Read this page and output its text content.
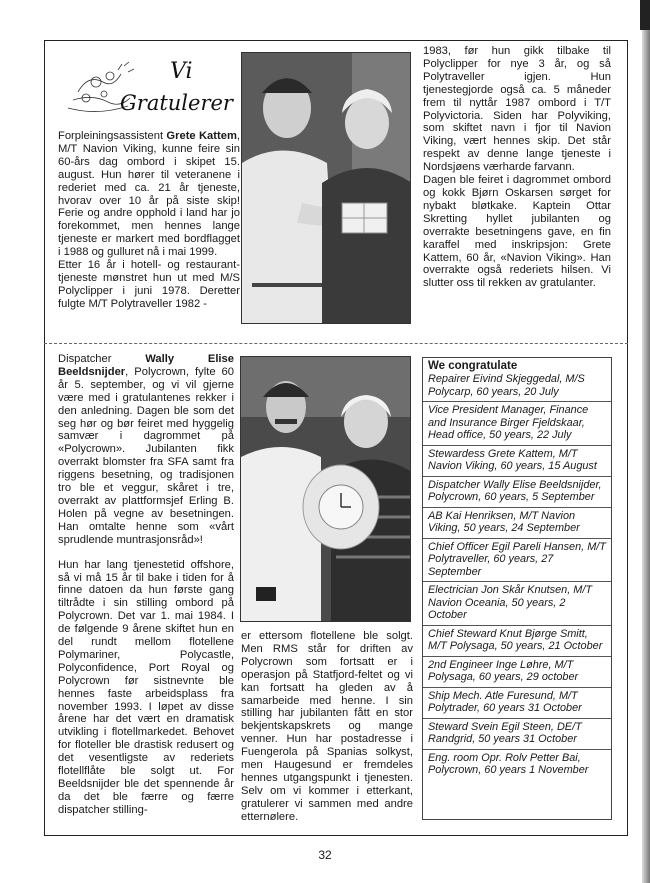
Vi
Gratulerer

Forpleiningsassistent Grete Kattem, M/T Navion Viking, kunne feire sin 60-års dag ombord i skipet 15. august. Hun hører til veteranene i rederiet med ca. 21 år tjeneste, hvorav over 10 år på siste skip! Ferie og andre opphold i land har jo forekommet, men hennes lange tjeneste er markert med bordflagget i 1988 og gulluret nå i mai 1999.

Etter 16 år i hotell- og restaurant-tjeneste mønstret hun ut med M/S Polyclipper i juni 1978. Deretter fulgte M/T Polytraveller 1982 -

1983, før hun gikk tilbake til Polyclipper for nye 3 år, og så Polytraveller igjen. Hun tjenestegjorde også ca. 5 måneder frem til nyttår 1987 ombord i T/T Polyvictoria. Siden har Polyviking, som skiftet navn i fjor til Navion Viking, vært hennes skip. Det står respekt av denne lange tjeneste i Nordsjøens værharde farvann.

Dagen ble feiret i dagrommet ombord og kokk Bjørn Oskarsen sørget for nybakt bløtkake. Kaptein Ottar Skretting hyllet jubilanten og overrakte besetningens gave, en fin karaffel med inskripsjon: Grete Kattem, 60 år, «Navion Viking». Han overrakte også rederiets hilsen. Vi slutter oss til rekken av gratulanter.

Dispatcher Wally Elise Beeldsnijder, Polycrown, fylte 60 år 5. september, og vi vil gjerne være med i gratulantenes rekker i den anledning. Dagen ble som det seg hør og bør feiret med hyggelig samvær i dagrommet på «Polycrown». Jubilanten fikk overrakt blomster fra SFA samt fra riggens besetning, og tradisjonen tro ble et veggur, skåret i tre, overrakt av plattformsjef Erling B. Holen på vegne av besetningen. Han omtalte henne som «vårt sprudlende muntrasjonsråd»!

Hun har lang tjenestetid offshore, så vi må 15 år til bake i tiden for å finne datoen da hun første gang tiltrådte i sin stilling ombord på Polycrown. Det var 1. mai 1984. I de følgende 9 årene skiftet hun en del rundt mellom flotellene Polymariner, Polycastle, Polyconfidence, Port Royal og Polycrown før sistnevnte ble hennes faste arbeidsplass fra november 1993. I løpet av disse årene har det vært en dramatisk utvikling i flotellmarkedet. Behovet for floteller ble drastisk redusert og det vesentligste av rederiets flotellflåte ble solgt ut. For Beeldsnijder ble det spennende år da det ble færre og færre dispatcher stilling-

er ettersom flotellene ble solgt. Men RMS står for driften av Polycrown som fortsatt er i operasjon på Statfjord-feltet og vi kan fortsatt ha gleden av å samarbeide med henne. I sin stilling har jubilanten fått en stor bekjentskapskrets og mange venner. Hun har postadresse i Fuengerola på Spanias solkyst, men Haugesund er fremdeles hennes utgangspunkt i tjenesten. Selv om vi kommer i etterkant, gratulerer vi sammen med andre etternølere.

We congratulate
Repairer Eivind Skjeggedal, M/S Polycarp, 60 years, 20 July
Vice President Manager, Finance and Insurance Birger Fjeldskaar, Head office, 50 years, 22 July
Stewardess Grete Kattem, M/T Navion Viking, 60 years, 15 August
Dispatcher Wally Elise Beeldsnijder, Polycrown, 60 years, 5 September
AB Kai Henriksen, M/T Navion Viking, 50 years, 24 September
Chief Officer Egil Pareli Hansen, M/T Polytraveller, 60 years, 27 September
Electrician Jon Skår Knutsen, M/T Navion Oceania, 50 years, 2 October
Chief Steward Knut Bjørge Smitt, M/T Polysaga, 50 years, 21 October
2nd Engineer Inge Løhre, M/T Polysaga, 60 years, 29 october
Ship Mech. Atle Furesund, M/T Polytrader, 60 years 31 October
Steward Svein Egil Steen, DE/T Randgrid, 50 years 31 October
Eng. room Opr. Rolv Petter Bai, Polycrown, 60 years 1 November
32
